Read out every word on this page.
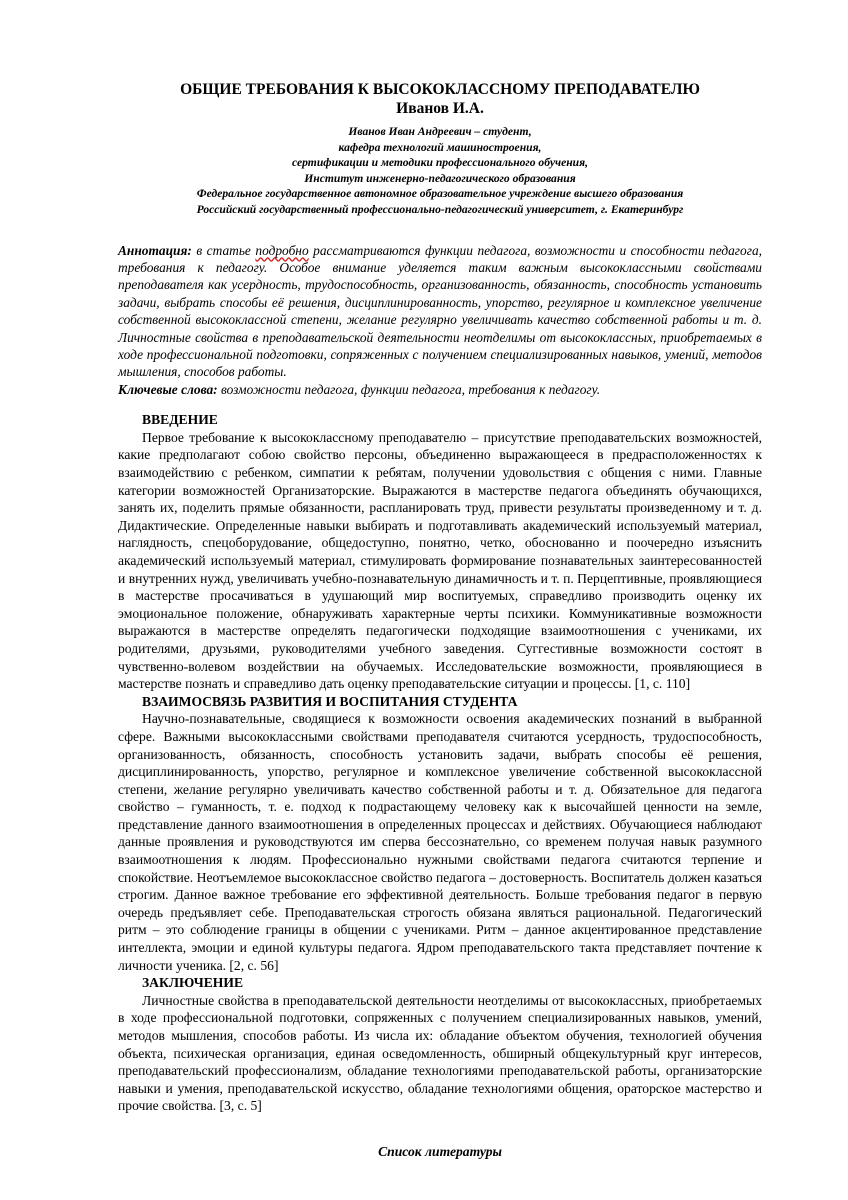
ОБЩИЕ ТРЕБОВАНИЯ К ВЫСОКОКЛАССНОМУ ПРЕПОДАВАТЕЛЮ
Иванов И.А.

Иванов Иван Андреевич – студент,

кафедра технологий машиностроения,

сертификации и методики профессионального обучения,

Институт инженерно-педагогического образования

Федеральное государственное автономное образовательное учреждение высшего образования

Российский государственный профессионально-педагогический университет, г. Екатеринбург

Аннотация: в статье подробно рассматриваются функции педагога, возможности и способности педагога, требования к педагогу. Особое внимание уделяется таким важным высококлассными свойствами преподавателя как усердность, трудоспособность, организованность, обязанность, способность установить задачи, выбрать способы её решения, дисциплинированность, упорство, регулярное и комплексное увеличение собственной высококлассной степени, желание регулярно увеличивать качество собственной работы и т. д. Личностные свойства в преподавательской деятельности неотделимы от высококлассных, приобретаемых в ходе профессиональной подготовки, сопряженных с получением специализированных навыков, умений, методов мышления, способов работы.

Ключевые слова: возможности педагога, функции педагога, требования к педагогу.

ВВЕДЕНИЕ

Первое требование к высококлассному преподавателю – присутствие преподавательских возможностей, какие предполагают собою свойство персоны, объединенно выражающееся в предрасположенностях к взаимодействию с ребенком, симпатии к ребятам, получении удовольствия с общения с ними. Главные категории возможностей Организаторские. Выражаются в мастерстве педагога объединять обучающихся, занять их, поделить прямые обязанности, распланировать труд, привести результаты произведенному и т. д. Дидактические. Определенные навыки выбирать и подготавливать академический используемый материал, наглядность, спецоборудование, общедоступно, понятно, четко, обоснованно и поочередно изъяснить академический используемый материал, стимулировать формирование познавательных заинтересованностей и внутренних нужд, увеличивать учебно-познавательную динамичность и т. п. Перцептивные, проявляющиеся в мастерстве просачиваться в удушающий мир воспитуемых, справедливо производить оценку их эмоциональное положение, обнаруживать характерные черты психики. Коммуникативные возможности выражаются в мастерстве определять педагогически подходящие взаимоотношения с учениками, их родителями, друзьями, руководителями учебного заведения. Суггестивные возможности состоят в чувственно-волевом воздействии на обучаемых. Исследовательские возможности, проявляющиеся в мастерстве познать и справедливо дать оценку преподавательские ситуации и процессы. [1, с. 110]

ВЗАИМОСВЯЗЬ РАЗВИТИЯ И ВОСПИТАНИЯ СТУДЕНТА

Научно-познавательные, сводящиеся к возможности освоения академических познаний в выбранной сфере. Важными высококлассными свойствами преподавателя считаются усердность, трудоспособность, организованность, обязанность, способность установить задачи, выбрать способы её решения, дисциплинированность, упорство, регулярное и комплексное увеличение собственной высококлассной степени, желание регулярно увеличивать качество собственной работы и т. д. Обязательное для педагога свойство – гуманность, т. е. подход к подрастающему человеку как к высочайшей ценности на земле, представление данного взаимоотношения в определенных процессах и действиях. Обучающиеся наблюдают данные проявления и руководствуются им сперва бессознательно, со временем получая навык разумного взаимоотношения к людям. Профессионально нужными свойствами педагога считаются терпение и спокойствие. Неотъемлемое высококлассное свойство педагога – достоверность. Воспитатель должен казаться строгим. Данное важное требование его эффективной деятельность. Больше требования педагог в первую очередь предъявляет себе. Преподавательская строгость обязана являться рациональной. Педагогический ритм – это соблюдение границы в общении с учениками. Ритм – данное акцентированное представление интеллекта, эмоции и единой культуры педагога. Ядром преподавательского такта представляет почтение к личности ученика. [2, с. 56]

ЗАКЛЮЧЕНИЕ

Личностные свойства в преподавательской деятельности неотделимы от высококлассных, приобретаемых в ходе профессиональной подготовки, сопряженных с получением специализированных навыков, умений, методов мышления, способов работы. Из числа их: обладание объектом обучения, технологией обучения объекта, психическая организация, единая осведомленность, обширный общекультурный круг интересов, преподавательский профессионализм, обладание технологиями преподавательской работы, организаторские навыки и умения, преподавательской искусство, обладание технологиями общения, ораторское мастерство и прочие свойства. [3, с. 5]

Список литературы
